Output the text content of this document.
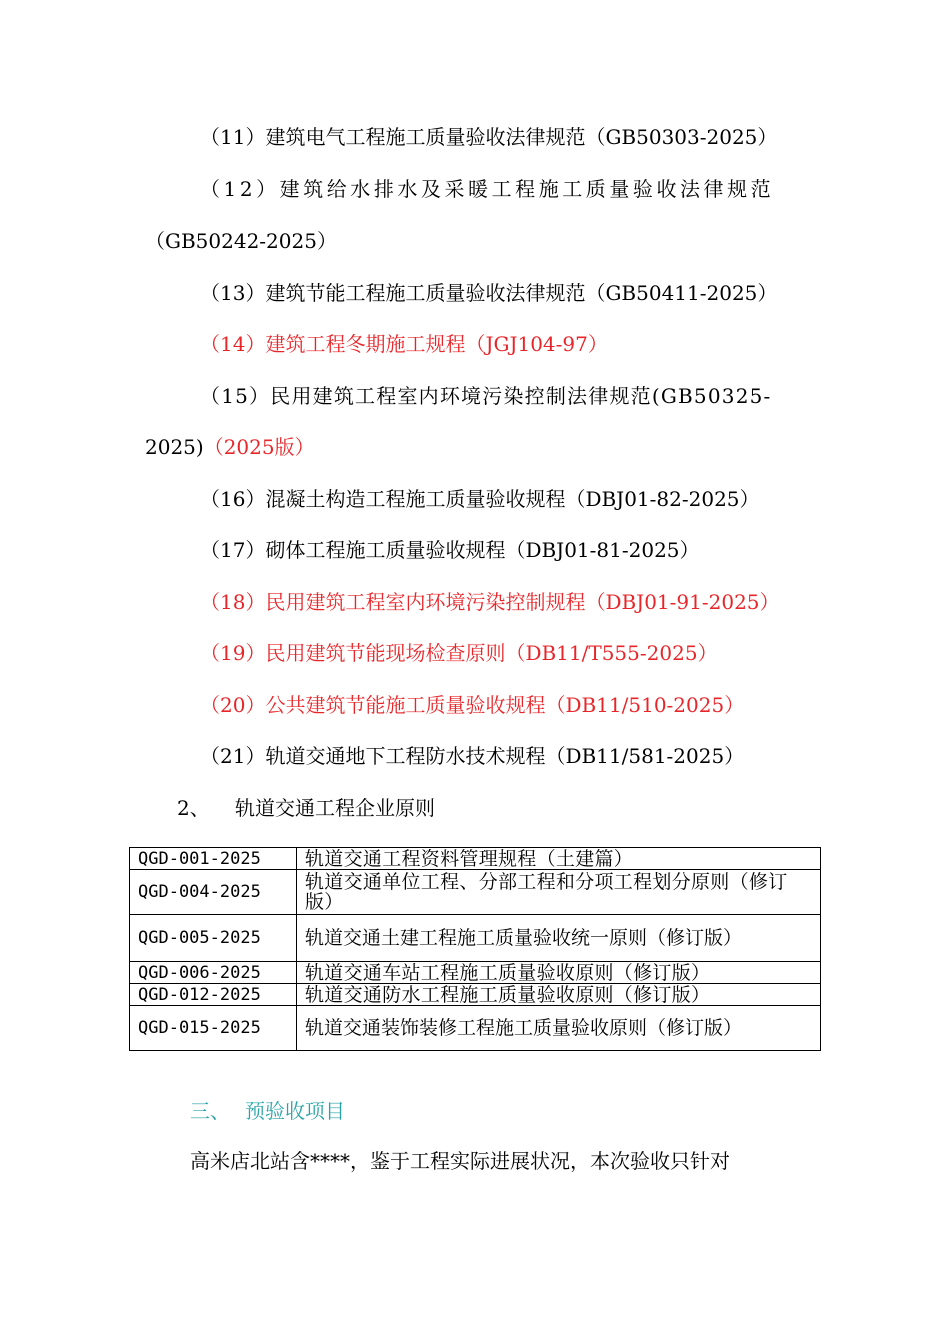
（11）建筑电气工程施工质量验收法律规范（GB50303-2025）
（12）建筑给水排水及采暖工程施工质量验收法律规范
（GB50242-2025）
（13）建筑节能工程施工质量验收法律规范（GB50411-2025）
（14）建筑工程冬期施工规程（JGJ104-97）
（15）民用建筑工程室内环境污染控制法律规范(GB50325-
2025)（2025版）
（16）混凝土构造工程施工质量验收规程（DBJ01-82-2025）
（17）砌体工程施工质量验收规程（DBJ01-81-2025）
（18）民用建筑工程室内环境污染控制规程（DBJ01-91-2025）
（19）民用建筑节能现场检查原则（DB11/T555-2025）
（20）公共建筑节能施工质量验收规程（DB11/510-2025）
（21）轨道交通地下工程防水技术规程（DB11/581-2025）
2、 轨道交通工程企业原则
QGD-001-2025	轨道交通工程资料管理规程（土建篇）
QGD-004-2025	轨道交通单位工程、分部工程和分项工程划分原则（修订版）
QGD-005-2025	轨道交通土建工程施工质量验收统一原则（修订版）
QGD-006-2025	轨道交通车站工程施工质量验收原则（修订版）
QGD-012-2025	轨道交通防水工程施工质量验收原则（修订版）
QGD-015-2025	轨道交通装饰装修工程施工质量验收原则（修订版）
三、 预验收项目
高米店北站含****，鉴于工程实际进展状况，本次验收只针对
